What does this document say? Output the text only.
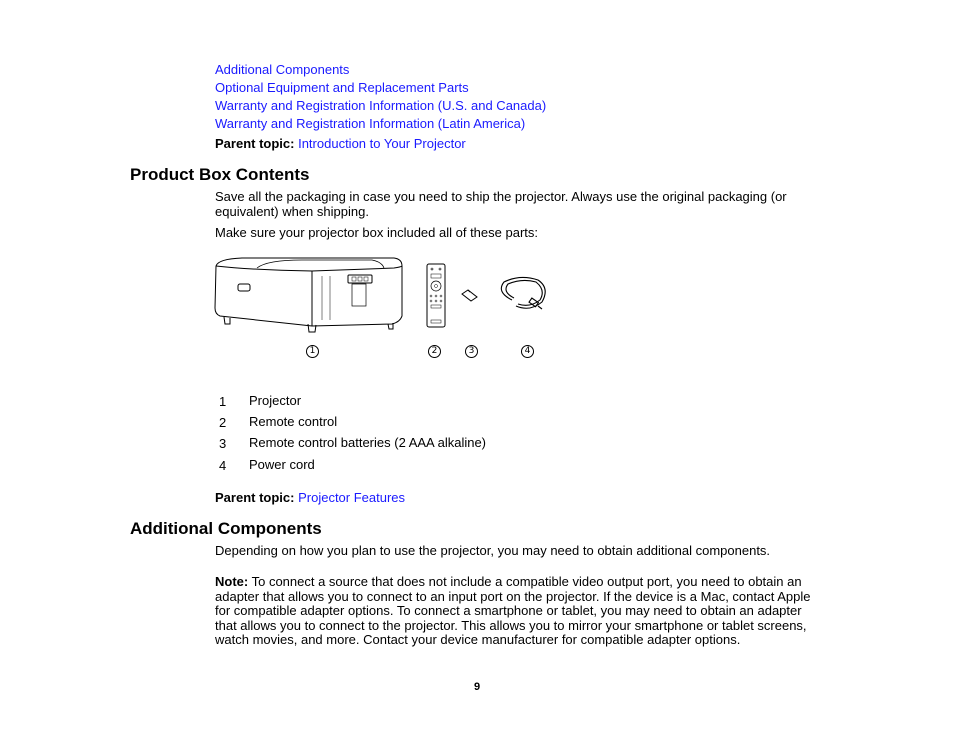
Additional Components
Optional Equipment and Replacement Parts
Warranty and Registration Information (U.S. and Canada)
Warranty and Registration Information (Latin America)
Parent topic: Introduction to Your Projector
Product Box Contents
Save all the packaging in case you need to ship the projector. Always use the original packaging (or equivalent) when shipping.
Make sure your projector box included all of these parts:
1	2	3	4
1 Projector
2 Remote control
3 Remote control batteries (2 AAA alkaline)
4 Power cord
Parent topic: Projector Features
Additional Components
Depending on how you plan to use the projector, you may need to obtain additional components.
Note: To connect a source that does not include a compatible video output port, you need to obtain an adapter that allows you to connect to an input port on the projector. If the device is a Mac, contact Apple for compatible adapter options. To connect a smartphone or tablet, you may need to obtain an adapter that allows you to connect to the projector. This allows you to mirror your smartphone or tablet screens, watch movies, and more. Contact your device manufacturer for compatible adapter options.
9
